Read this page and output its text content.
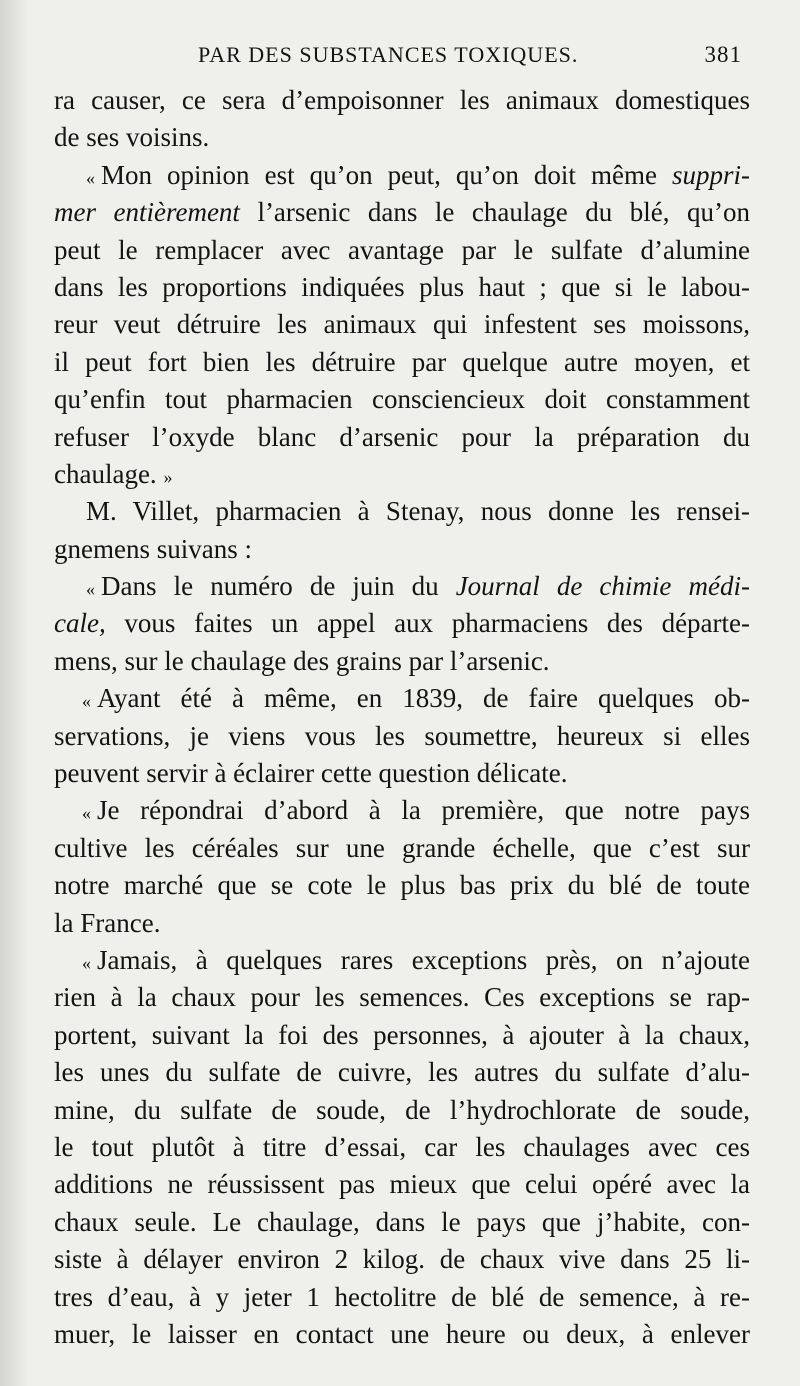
PAR DES SUBSTANCES TOXIQUES.	381
ra causer, ce sera d’empoisonner les animaux domestiques
de ses voisins.
« Mon opinion est qu’on peut, qu’on doit même suppri-
mer entièrement l’arsenic dans le chaulage du blé, qu’on
peut le remplacer avec avantage par le sulfate d’alumine
dans les proportions indiquées plus haut ; que si le labou-
reur veut détruire les animaux qui infestent ses moissons,
il peut fort bien les détruire par quelque autre moyen, et
qu’enfin tout pharmacien consciencieux doit constamment
refuser l’oxyde blanc d’arsenic pour la préparation du
chaulage. »
M. Villet, pharmacien à Stenay, nous donne les rensei-
gnemens suivans :
« Dans le numéro de juin du Journal de chimie médi-
cale, vous faites un appel aux pharmaciens des départe-
mens, sur le chaulage des grains par l’arsenic.
« Ayant été à même, en 1839, de faire quelques ob-
servations, je viens vous les soumettre, heureux si elles
peuvent servir à éclairer cette question délicate.
« Je répondrai d’abord à la première, que notre pays
cultive les céréales sur une grande échelle, que c’est sur
notre marché que se cote le plus bas prix du blé de toute
la France.
« Jamais, à quelques rares exceptions près, on n’ajoute
rien à la chaux pour les semences. Ces exceptions se rap-
portent, suivant la foi des personnes, à ajouter à la chaux,
les unes du sulfate de cuivre, les autres du sulfate d’alu-
mine, du sulfate de soude, de l’hydrochlorate de soude,
le tout plutôt à titre d’essai, car les chaulages avec ces
additions ne réussissent pas mieux que celui opéré avec la
chaux seule. Le chaulage, dans le pays que j’habite, con-
siste à délayer environ 2 kilog. de chaux vive dans 25 li-
tres d’eau, à y jeter 1 hectolitre de blé de semence, à re-
muer, le laisser en contact une heure ou deux, à enlever
